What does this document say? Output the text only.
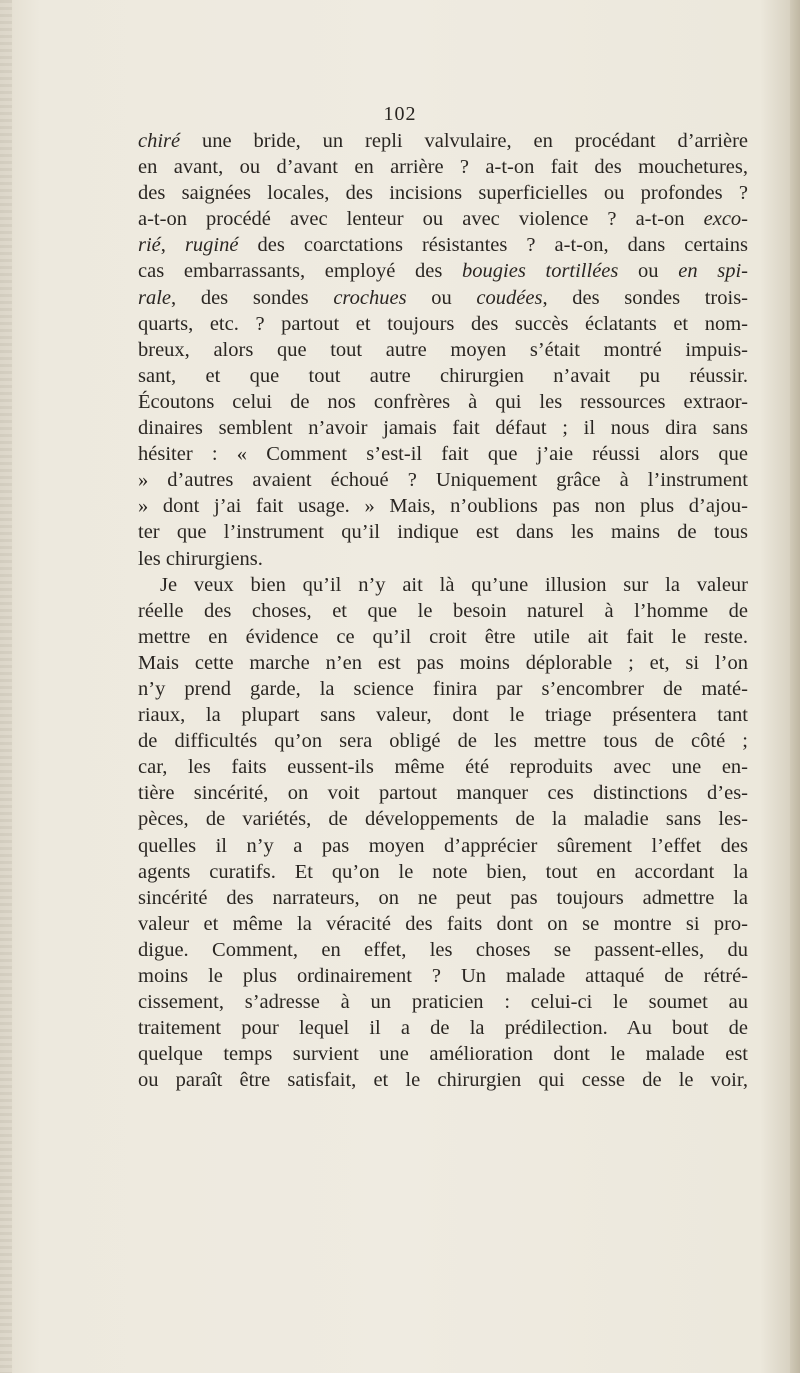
102
chiré une bride, un repli valvulaire, en procédant d’arrière
en avant, ou d’avant en arrière ? a-t-on fait des mouchetures,
des saignées locales, des incisions superficielles ou profondes ?
a-t-on procédé avec lenteur ou avec violence ? a-t-on exco-
rié, ruginé des coarctations résistantes ? a-t-on, dans certains
cas embarrassants, employé des bougies tortillées ou en spi-
rale, des sondes crochues ou coudées, des sondes trois-
quarts, etc. ? partout et toujours des succès éclatants et nom-
breux, alors que tout autre moyen s’était montré impuis-
sant, et que tout autre chirurgien n’avait pu réussir.
Écoutons celui de nos confrères à qui les ressources extraor-
dinaires semblent n’avoir jamais fait défaut ; il nous dira sans
hésiter : « Comment s’est-il fait que j’aie réussi alors que
» d’autres avaient échoué ? Uniquement grâce à l’instrument
» dont j’ai fait usage. » Mais, n’oublions pas non plus d’ajou-
ter que l’instrument qu’il indique est dans les mains de tous
les chirurgiens.
Je veux bien qu’il n’y ait là qu’une illusion sur la valeur
réelle des choses, et que le besoin naturel à l’homme de
mettre en évidence ce qu’il croit être utile ait fait le reste.
Mais cette marche n’en est pas moins déplorable ; et, si l’on
n’y prend garde, la science finira par s’encombrer de maté-
riaux, la plupart sans valeur, dont le triage présentera tant
de difficultés qu’on sera obligé de les mettre tous de côté ;
car, les faits eussent-ils même été reproduits avec une en-
tière sincérité, on voit partout manquer ces distinctions d’es-
pèces, de variétés, de développements de la maladie sans les-
quelles il n’y a pas moyen d’apprécier sûrement l’effet des
agents curatifs. Et qu’on le note bien, tout en accordant la
sincérité des narrateurs, on ne peut pas toujours admettre la
valeur et même la véracité des faits dont on se montre si pro-
digue. Comment, en effet, les choses se passent-elles, du
moins le plus ordinairement ? Un malade attaqué de rétré-
cissement, s’adresse à un praticien : celui-ci le soumet au
traitement pour lequel il a de la prédilection. Au bout de
quelque temps survient une amélioration dont le malade est
ou paraît être satisfait, et le chirurgien qui cesse de le voir,
